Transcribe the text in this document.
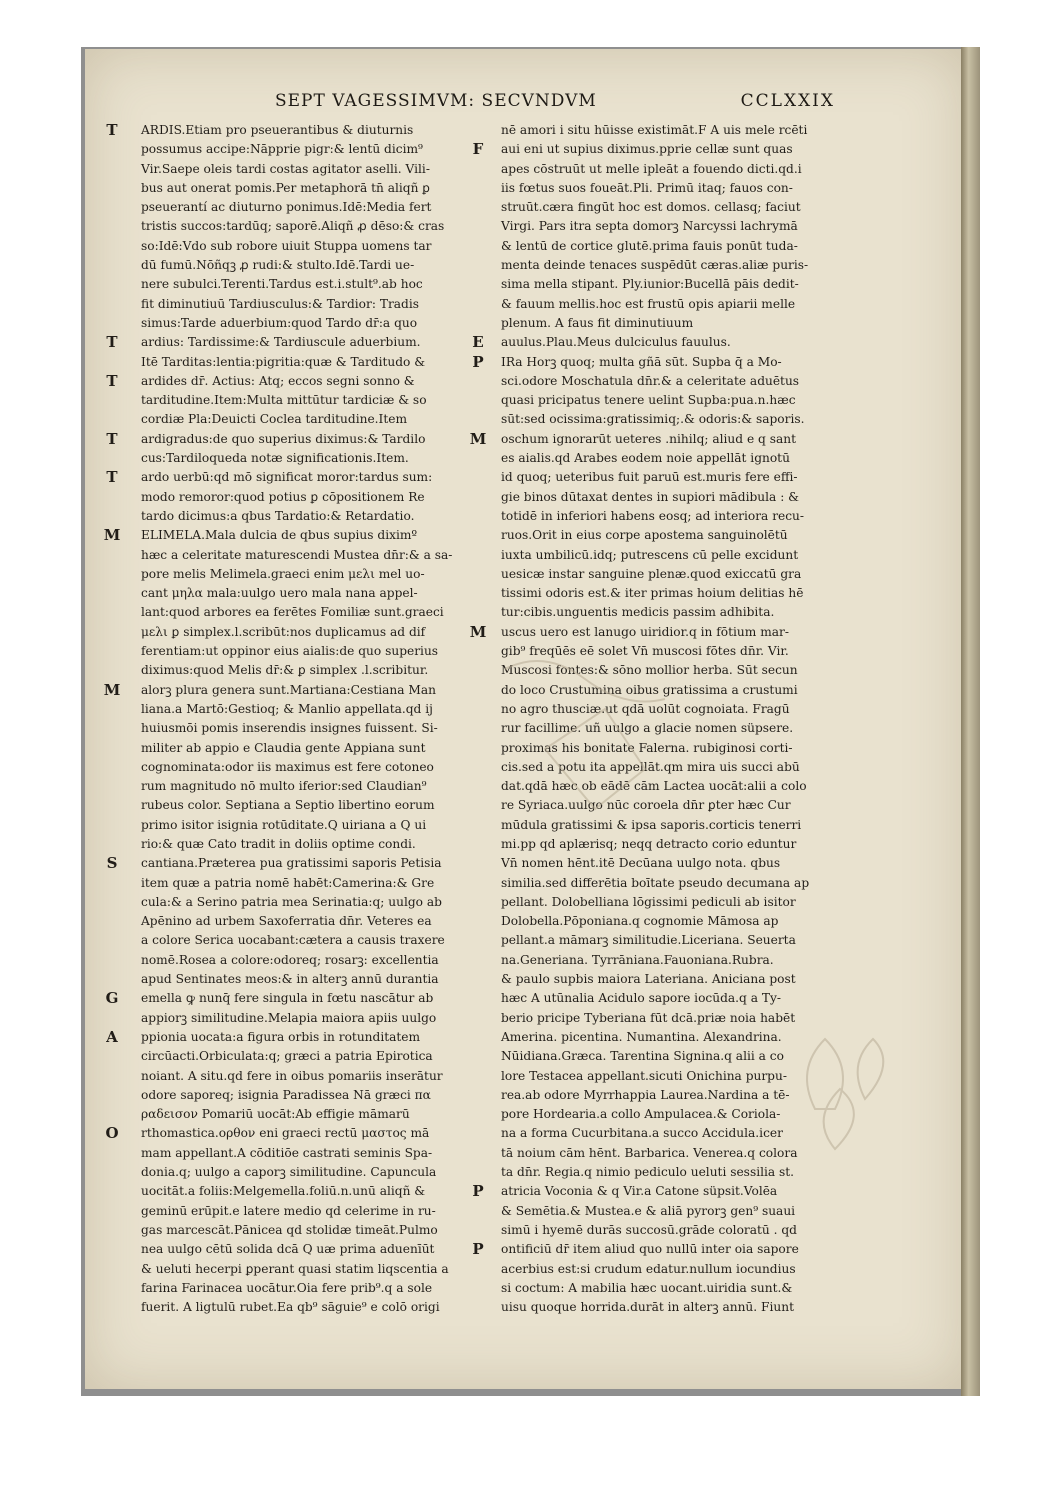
SEPT VAGESSIMVM: SECVNDVM	CCLXXIX
T	ARDIS.Etiam pro pseuerantibus & diuturnis
possumus accipe:Nāpprie pigr:& lentū dicim⁹
Vir.Saepe oleis tardi costas agitator aselli. Vili-
bus aut onerat pomis.Per metaphorā tn̄ aliqñ ꝑ
pseuerantí ac diuturno ponimus.Idē:Media fert
tristis succos:tardūq; saporē.Aliqñ ꝓ dēso:& cras
so:Idē:Vdo sub robore uiuit Stuppa uomens tar
dū fumū.Nōñqꝫ ꝓ rudi:& stulto.Idē.Tardi ue-
nere subulci.Terenti.Tardus est.i.stult⁹.ab hoc
fit diminutiuū Tardiusculus:& Tardior: Tradis
simus:Tarde aduerbium:quod Tardo dr̄:a quo
T	ardius: Tardissime:& Tardiuscule aduerbium.
Itē Tarditas:lentia:pigritia:quæ & Tarditudo &
T	ardides dr̄. Actius: Atq; eccos segni sonno &
tarditudine.Item:Multa mittūtur tardiciæ & so
cordiæ Pla:Deuicti Coclea tarditudine.Item
T	ardigradus:de quo superius diximus:& Tardilo
cus:Tardiloqueda notæ significationis.Item.
T	ardo uerbū:qd mō significat moror:tardus sum:
modo remoror:quod potius ꝑ cōpositionem Re
tardo dicimus:a qbus Tardatio:& Retardatio.
M	ELIMELA.Mala dulcia de qbus supius diximº
hæc a celeritate maturescendi Mustea dn̄r:& a sa-
pore melis Melimela.graeci enim μελι mel uo-
cant μηλα mala:uulgo uero mala nana appel-
lant:quod arbores ea ferētes Fomiliæ sunt.graeci
μελι ꝑ simplex.l.scribūt:nos duplicamus ad dif
ferentiam:ut oppinor eius aialis:de quo superius
diximus:quod Melis dr̄:& ꝑ simplex .l.scribitur.
M	alorꝫ plura genera sunt.Martiana:Cestiana Man
liana.a Martō:Gestioq; & Manlio appellata.qd ij
huiusmōi pomis inserendis insignes fuissent. Si-
militer ab appio e Claudia gente Appiana sunt
cognominata:odor iis maximus est fere cotoneo
rum magnitudo nō multo iferior:sed Claudian⁹
rubeus color. Septiana a Septio libertino eorum
primo isitor isignia rotūditate.Q uiriana a Q ui
rio:& quæ Cato tradit in doliis optime condi.
S	cantiana.Præterea pua gratissimi saporis Petisia
item quæ a patria nomē habēt:Camerina:& Gre
cula:& a Serino patria mea Serinatia:q; uulgo ab
Apēnino ad urbem Saxoferratia dn̄r. Veteres ea
a colore Serica uocabant:cætera a causis traxere
nomē.Rosea a colore:odoreq; rosarꝫ: excellentia
apud Sentinates meos:& in alterꝫ annū durantia
G	emella ꝙ nunq̄ fere singula in fœtu nascātur ab
appiorꝫ similitudine.Melapia maiora apiis uulgo
A	ppionia uocata:a figura orbis in rotunditatem
circūacti.Orbiculata:q; græci a patria Epirotica
noiant. A situ.qd fere in oibus pomariis inserātur
odore saporeq; isignia Paradissea Nā græci πα
ραδεισον Pomariū uocāt:Ab effigie māmarū
O	rthomastica.ορθον eni graeci rectū μαστος mā
mam appellant.A cōditiōe castrati seminis Spa-
donia.q; uulgo a caporꝫ similitudine. Capuncula
uocitāt.a foliis:Melgemella.foliū.n.unū aliqñ &
geminū erūpit.e latere medio qd celerime in ru-
gas marcescāt.Pānicea qd stolidæ timeāt.Pulmo
nea uulgo cētū solida dcā Q uæ prima aduenīūt
& ueluti hecerpi ꝑperant quasi statim liqscentia a
farina Farinacea uocātur.Oia fere prib⁹.q a sole
fuerit. A ligtulū rubet.Ea qb⁹ sāguie⁹ e colō origi
nē amori i situ hūisse existimāt.F A uis mele rcēti
F	aui eni ut supius diximus.pprie cellæ sunt quas
apes cōstruūt ut melle ipleāt a fouendo dicti.qd.i
iis fœtus suos foueāt.Pli. Primū itaq; fauos con-
struūt.cæra fingūt hoc est domos. cellasq; faciut
Virgi. Pars itra septa domorꝫ Narcyssi lachrymā
& lentū de cortice glutē.prima fauis ponūt tuda-
menta deinde tenaces suspēdūt cæras.aliæ puris-
sima mella stipant. Ply.iunior:Bucellā pāis dedit-
& fauum mellis.hoc est frustū opis apiarii melle
plenum. A faus fit diminutiuum
E	auulus.Plau.Meus dulciculus fauulus.
P	IRa Horꝫ quoq; multa gñā sūt. Supba q̄ a Mo-
sci.odore Moschatula dn̄r.& a celeritate aduētus
quasi pricipatus tenere uelint Supba:pua.n.hæc
sūt:sed ocissima:gratissimiq;.& odoris:& saporis.
M	oschum ignorarūt ueteres .nihilq; aliud e q sant
es aialis.qd Arabes eodem noie appellāt ignotū
id quoq; ueteribus fuit paruū est.muris fere effi-
gie binos dūtaxat dentes in supiori mādibula : &
totidē in inferiori habens eosq; ad interiora recu-
ruos.Orit in eius corpe apostema sanguinolētū
iuxta umbilicū.idq; putrescens cū pelle excidunt
uesicæ instar sanguine plenæ.quod exiccatū gra
tissimi odoris est.& iter primas hoium delitias hē
tur:cibis.unguentis medicis passim adhibita.
M	uscus uero est lanugo uiridior.q in fōtium mar-
gib⁹ freqūēs eē solet Vn̄ muscosi fōtes dn̄r. Vir.
Muscosi fontes:& sōno mollior herba. Sūt secun
do loco Crustumina oibus gratissima a crustumi
no agro thusciæ.ut qdā uolūt cognoiata. Fragū
rur facillime. uñ uulgo a glacie nomen süpsere.
proximas his bonitate Falerna. rubiginosi corti-
cis.sed a potu ita appellāt.qm mira uis succi abū
dat.qdā hæc ob eādē cām Lactea uocāt:alii a colo
re Syriaca.uulgo nūc coroela dn̄r ꝑter hæc Cur
mūdula gratissimi & ipsa saporis.corticis tenerri
mi.pp qd aplærisq; neqq detracto corio eduntur
Vn̄ nomen hēnt.itē Decūana uulgo nota. qbus
similia.sed differētia boītate pseudo decumana ap
pellant. Dolobelliana lōgissimi pediculi ab isitor
Dolobella.Pōponiana.q cognomie Māmosa ap
pellant.a māmarꝫ similitudie.Liceriana. Seuerta
na.Generiana. Tyrrāniana.Fauoniana.Rubra.
& paulo supbis maiora Lateriana. Aniciana post
hæc A utūnalia Acidulo sapore iocūda.q a Ty-
berio pricipe Tyberiana fūt dcā.priæ noia habēt
Amerina. picentina. Numantina. Alexandrina.
Nūidiana.Græca. Tarentina Signina.q alii a co
lore Testacea appellant.sicuti Onichina purpu-
rea.ab odore Myrrhappia Laurea.Nardina a tē-
pore Hordearia.a collo Ampulacea.& Coriola-
na a forma Cucurbitana.a succo Accidula.icer
tā noium cām hēnt. Barbarica. Venerea.q colora
ta dn̄r. Regia.q nimio pediculo ueluti sessilia st.
P	atricia Voconia & q Vir.a Catone süpsit.Volēa
& Semētia.& Mustea.e & aliā pyrorꝫ gen⁹ suaui
simū i hyemē durās succosū.grāde coloratū . qd
P	ontificiū dr̄ item aliud quo nullū inter oia sapore
acerbius est:si crudum edatur.nullum iocundius
si coctum: A mabilia hæc uocant.uiridia sunt.&
uisu quoque horrida.durāt in alterꝫ annū. Fiunt
